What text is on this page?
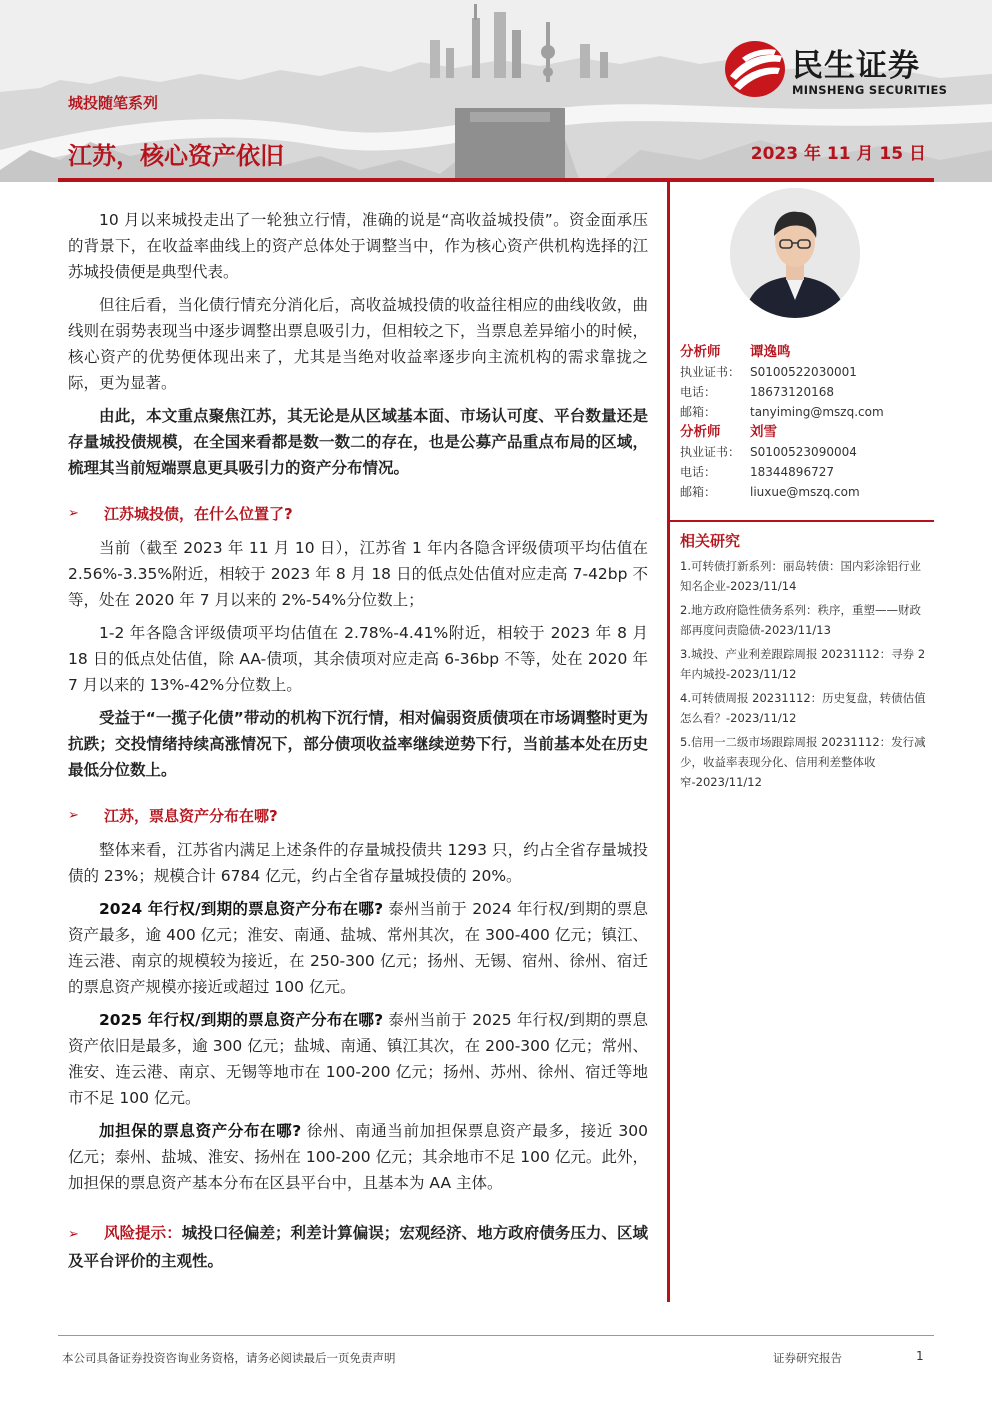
城投随笔系列
江苏，核心资产依旧	2023 年 11 月 15 日
民生证券
MINSHENG SECURITIES

10 月以来城投走出了一轮独立行情，准确的说是“高收益城投债”。资金面承压的背景下，在收益率曲线上的资产总体处于调整当中，作为核心资产供机构选择的江苏城投债便是典型代表。

但往后看，当化债行情充分消化后，高收益城投债的收益往相应的曲线收敛，曲线则在弱势表现当中逐步调整出票息吸引力，但相较之下，当票息差异缩小的时候，核心资产的优势便体现出来了，尤其是当绝对收益率逐步向主流机构的需求靠拢之际，更为显著。

由此，本文重点聚焦江苏，其无论是从区域基本面、市场认可度、平台数量还是存量城投债规模，在全国来看都是数一数二的存在，也是公募产品重点布局的区域，梳理其当前短端票息更具吸引力的资产分布情况。

➢	江苏城投债，在什么位置了?

当前（截至 2023 年 11 月 10 日），江苏省 1 年内各隐含评级债项平均估值在 2.56%-3.35%附近，相较于 2023 年 8 月 18 日的低点处估值对应走高 7-42bp 不等，处在 2020 年 7 月以来的 2%-54%分位数上；

1-2 年各隐含评级债项平均估值在 2.78%-4.41%附近，相较于 2023 年 8 月 18 日的低点处估值，除 AA-债项，其余债项对应走高 6-36bp 不等，处在 2020 年 7 月以来的 13%-42%分位数上。

受益于“一揽子化债”带动的机构下沉行情，相对偏弱资质债项在市场调整时更为抗跌；交投情绪持续高涨情况下，部分债项收益率继续逆势下行，当前基本处在历史最低分位数上。

➢	江苏，票息资产分布在哪?

整体来看，江苏省内满足上述条件的存量城投债共 1293 只，约占全省存量城投债的 23%；规模合计 6784 亿元，约占全省存量城投债的 20%。

2024 年行权/到期的票息资产分布在哪? 泰州当前于 2024 年行权/到期的票息资产最多，逾 400 亿元；淮安、南通、盐城、常州其次，在 300-400 亿元；镇江、连云港、南京的规模较为接近，在 250-300 亿元；扬州、无锡、宿州、徐州、宿迁的票息资产规模亦接近或超过 100 亿元。

2025 年行权/到期的票息资产分布在哪? 泰州当前于 2025 年行权/到期的票息资产依旧是最多，逾 300 亿元；盐城、南通、镇江其次，在 200-300 亿元；常州、淮安、连云港、南京、无锡等地市在 100-200 亿元；扬州、苏州、徐州、宿迁等地市不足 100 亿元。

加担保的票息资产分布在哪? 徐州、南通当前加担保票息资产最多，接近 300 亿元；泰州、盐城、淮安、扬州在 100-200 亿元；其余地市不足 100 亿元。此外，加担保的票息资产基本分布在区县平台中，且基本为 AA 主体。

➢ 风险提示：城投口径偏差；利差计算偏误；宏观经济、地方政府债务压力、区域及平台评价的主观性。
分析师	谭逸鸣
执业证书： S0100522030001
电话：	18673120168
邮箱：	tanyiming@mszq.com
分析师	刘雪
执业证书： S0100523090004
电话：	18344896727
邮箱：	liuxue@mszq.com
相关研究
1.可转债打新系列：丽岛转债：国内彩涂铝行业知名企业-2023/11/14
2.地方政府隐性债务系列：秩序，重塑——财政部再度问责隐债-2023/11/13
3.城投、产业利差跟踪周报 20231112：寻券 2 年内城投-2023/11/12
4.可转债周报 20231112：历史复盘，转债估值怎么看？-2023/11/12
5.信用一二级市场跟踪周报 20231112：发行减少，收益率表现分化、信用利差整体收窄-2023/11/12
本公司具备证券投资咨询业务资格，请务必阅读最后一页免责声明	证券研究报告	1
